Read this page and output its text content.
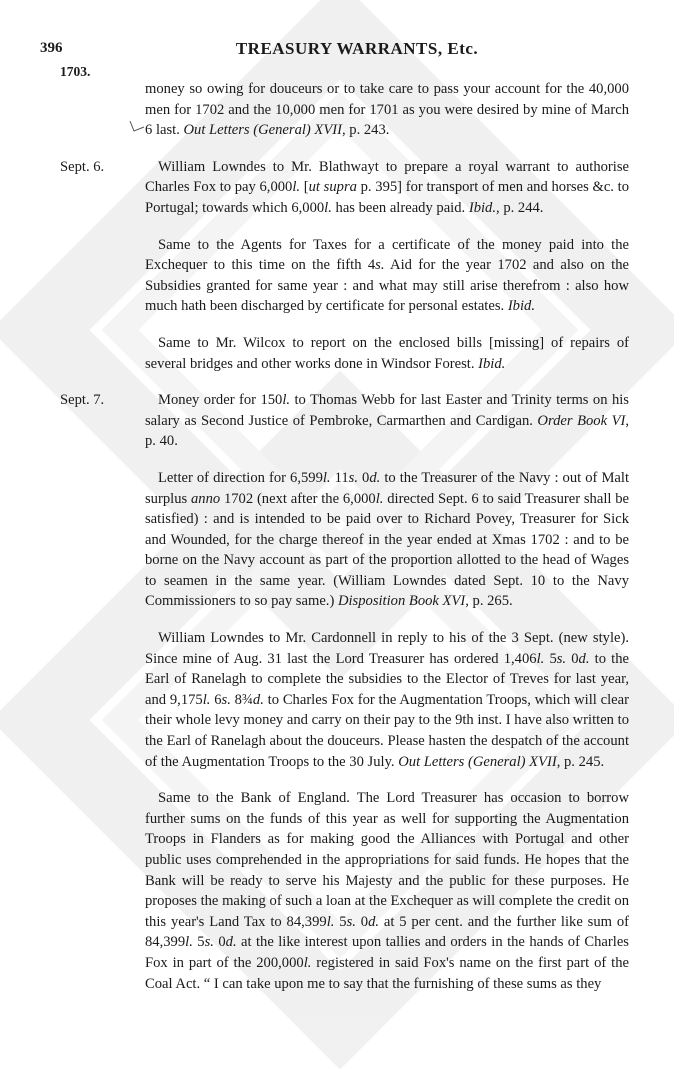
396	TREASURY WARRANTS, Etc.
1703.

money so owing for douceurs or to take care to pass your account for the 40,000 men for 1702 and the 10,000 men for 1701 as you were desired by mine of March 6 last. Out Letters (General) XVII, p. 243.

Sept. 6.	William Lowndes to Mr. Blathwayt to prepare a royal warrant to authorise Charles Fox to pay 6,000l. [ut supra p. 395] for transport of men and horses &c. to Portugal; towards which 6,000l. has been already paid. Ibid., p. 244.

Same to the Agents for Taxes for a certificate of the money paid into the Exchequer to this time on the fifth 4s. Aid for the year 1702 and also on the Subsidies granted for same year : and what may still arise therefrom : also how much hath been discharged by certificate for personal estates. Ibid.

Same to Mr. Wilcox to report on the enclosed bills [missing] of repairs of several bridges and other works done in Windsor Forest. Ibid.

Sept. 7.	Money order for 150l. to Thomas Webb for last Easter and Trinity terms on his salary as Second Justice of Pembroke, Carmarthen and Cardigan. Order Book VI, p. 40.

Letter of direction for 6,599l. 11s. 0d. to the Treasurer of the Navy : out of Malt surplus anno 1702 (next after the 6,000l. directed Sept. 6 to said Treasurer shall be satisfied) : and is intended to be paid over to Richard Povey, Treasurer for Sick and Wounded, for the charge thereof in the year ended at Xmas 1702 : and to be borne on the Navy account as part of the proportion allotted to the head of Wages to seamen in the same year. (William Lowndes dated Sept. 10 to the Navy Commissioners to so pay same.) Disposition Book XVI, p. 265.

William Lowndes to Mr. Cardonnell in reply to his of the 3 Sept. (new style). Since mine of Aug. 31 last the Lord Treasurer has ordered 1,406l. 5s. 0d. to the Earl of Ranelagh to complete the subsidies to the Elector of Treves for last year, and 9,175l. 6s. 8¾d. to Charles Fox for the Augmentation Troops, which will clear their whole levy money and carry on their pay to the 9th inst. I have also written to the Earl of Ranelagh about the douceurs. Please hasten the despatch of the account of the Augmentation Troops to the 30 July. Out Letters (General) XVII, p. 245.

Same to the Bank of England. The Lord Treasurer has occasion to borrow further sums on the funds of this year as well for supporting the Augmentation Troops in Flanders as for making good the Alliances with Portugal and other public uses comprehended in the appropriations for said funds. He hopes that the Bank will be ready to serve his Majesty and the public for these purposes. He proposes the making of such a loan at the Exchequer as will complete the credit on this year's Land Tax to 84,399l. 5s. 0d. at 5 per cent. and the further like sum of 84,399l. 5s. 0d. at the like interest upon tallies and orders in the hands of Charles Fox in part of the 200,000l. registered in said Fox's name on the first part of the Coal Act. “ I can take upon me to say that the furnishing of these sums as they
